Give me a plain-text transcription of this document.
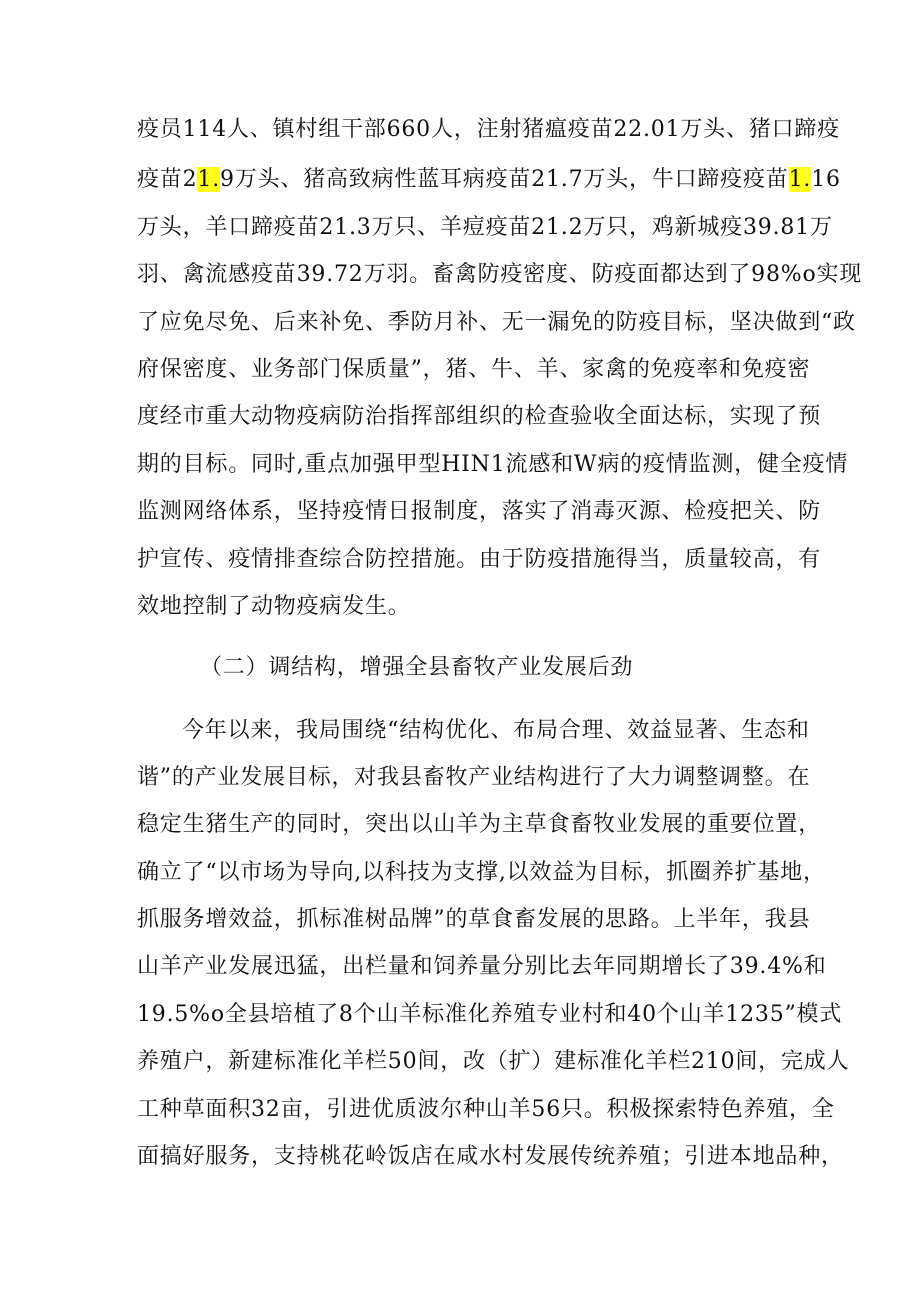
疫员114人、镇村组干部660人，注射猪瘟疫苗22.01万头、猪口蹄疫
疫苗21.9万头、猪高致病性蓝耳病疫苗21.7万头，牛口蹄疫疫苗1.16
万头，羊口蹄疫苗21.3万只、羊痘疫苗21.2万只，鸡新城疫39.81万
羽、禽流感疫苗39.72万羽。畜禽防疫密度、防疫面都达到了98%o实现
了应免尽免、后来补免、季防月补、无一漏免的防疫目标，坚决做到“政
府保密度、业务部门保质量”，猪、牛、羊、家禽的免疫率和免疫密
度经市重大动物疫病防治指挥部组织的检查验收全面达标，实现了预
期的目标。同时,重点加强甲型HIN1流感和W病的疫情监测，健全疫情
监测网络体系，坚持疫情日报制度，落实了消毒灭源、检疫把关、防
护宣传、疫情排查综合防控措施。由于防疫措施得当，质量较高，有
效地控制了动物疫病发生。
（二）调结构，增强全县畜牧产业发展后劲
今年以来，我局围绕“结构优化、布局合理、效益显著、生态和
谐”的产业发展目标，对我县畜牧产业结构进行了大力调整调整。在
稳定生猪生产的同时，突出以山羊为主草食畜牧业发展的重要位置，
确立了“以市场为导向,以科技为支撑,以效益为目标，抓圈养扩基地，
抓服务增效益，抓标准树品牌”的草食畜发展的思路。上半年，我县
山羊产业发展迅猛，出栏量和饲养量分别比去年同期增长了39.4%和
19.5%o全县培植了8个山羊标准化养殖专业村和40个山羊1235”模式
养殖户，新建标准化羊栏50间，改（扩）建标准化羊栏210间，完成人
工种草面积32亩，引进优质波尔种山羊56只。积极探索特色养殖，全
面搞好服务，支持桃花岭饭店在咸水村发展传统养殖；引进本地品种，
